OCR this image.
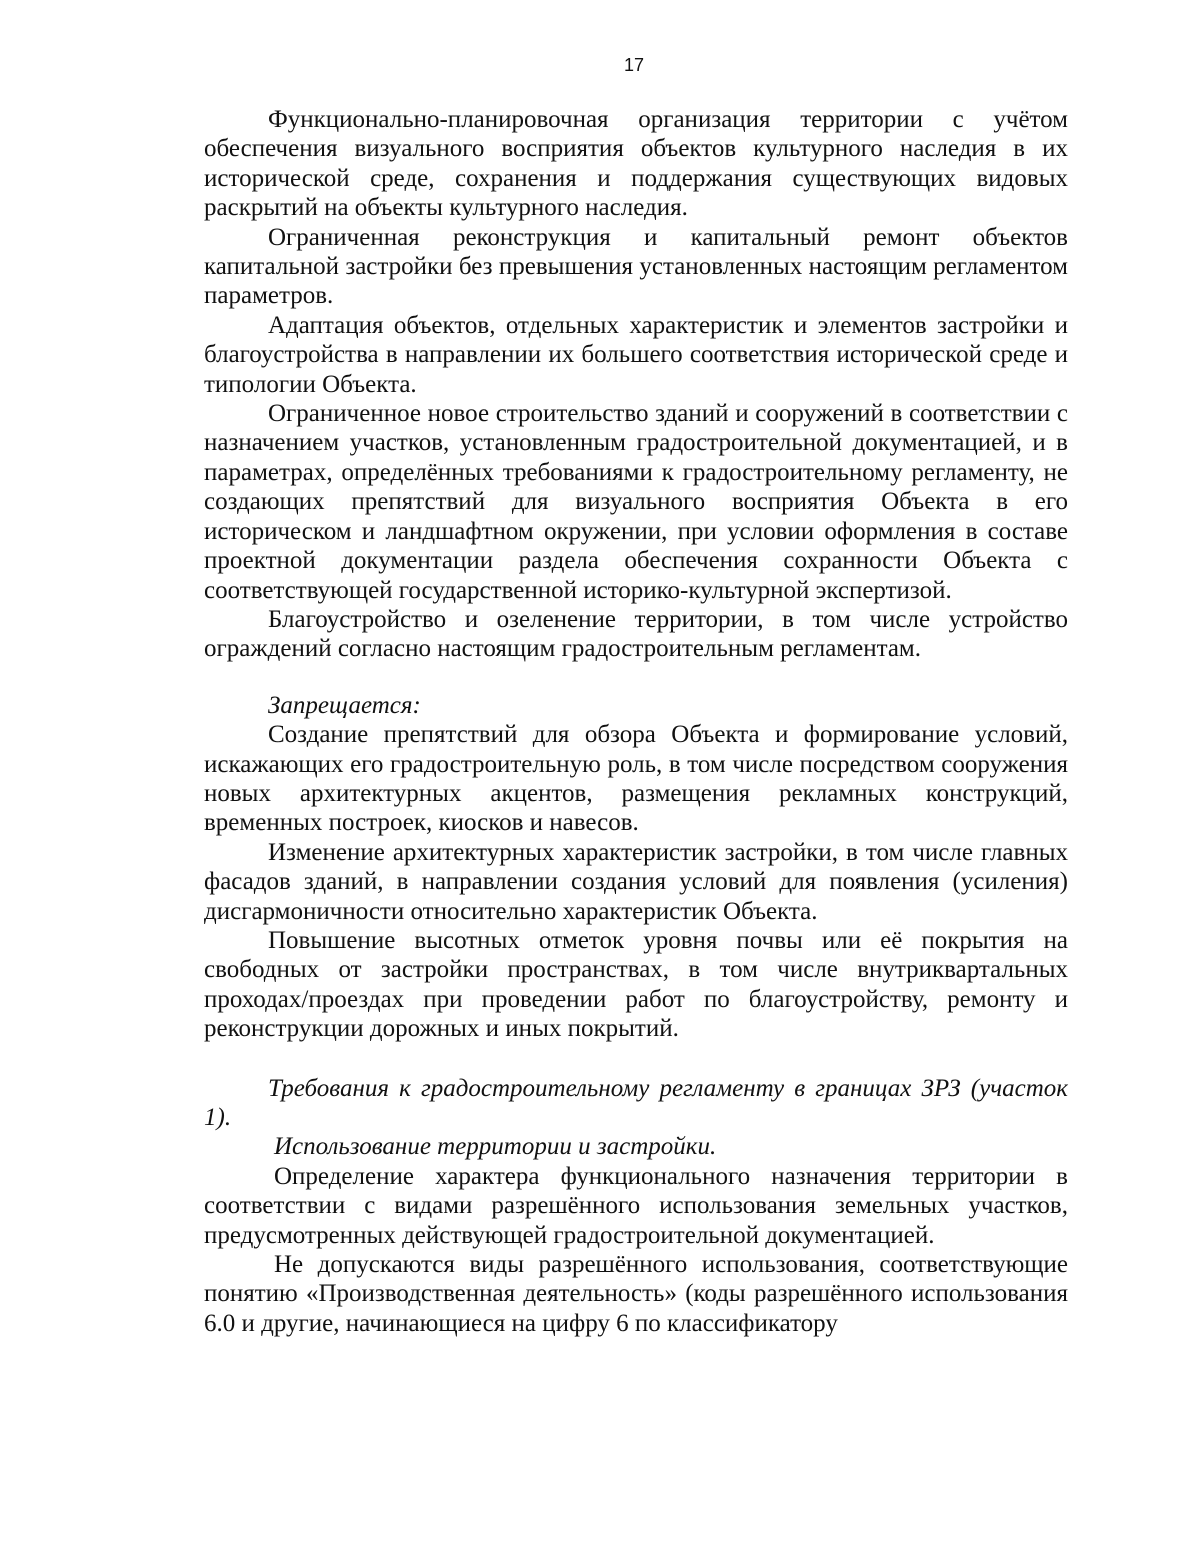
17

Функционально-планировочная организация территории с учётом обеспечения визуального восприятия объектов культурного наследия в их исторической среде, сохранения и поддержания существующих видовых раскрытий на объекты культурного наследия.

Ограниченная реконструкция и капитальный ремонт объектов капитальной застройки без превышения установленных настоящим регламентом параметров.

Адаптация объектов, отдельных характеристик и элементов застройки и благоустройства в направлении их большего соответствия исторической среде и типологии Объекта.

Ограниченное новое строительство зданий и сооружений в соответствии с назначением участков, установленным градостроительной документацией, и в параметрах, определённых требованиями к градостроительному регламенту, не создающих препятствий для визуального восприятия Объекта в его историческом и ландшафтном окружении, при условии оформления в составе проектной документации раздела обеспечения сохранности Объекта с соответствующей государственной историко-культурной экспертизой.

Благоустройство и озеленение территории, в том числе устройство ограждений согласно настоящим градостроительным регламентам.

Запрещается:

Создание препятствий для обзора Объекта и формирование условий, искажающих его градостроительную роль, в том числе посредством сооружения новых архитектурных акцентов, размещения рекламных конструкций, временных построек, киосков и навесов.

Изменение архитектурных характеристик застройки, в том числе главных фасадов зданий, в направлении создания условий для появления (усиления) дисгармоничности относительно характеристик Объекта.

Повышение высотных отметок уровня почвы или её покрытия на свободных от застройки пространствах, в том числе внутриквартальных проходах/проездах при проведении работ по благоустройству, ремонту и реконструкции дорожных и иных покрытий.

Требования к градостроительному регламенту в границах ЗРЗ (участок 1).

Использование территории и застройки.

Определение характера функционального назначения территории в соответствии с видами разрешённого использования земельных участков, предусмотренных действующей градостроительной документацией.

Не допускаются виды разрешённого использования, соответствующие понятию «Производственная деятельность» (коды разрешённого использования 6.0 и другие, начинающиеся на цифру 6 по классификатору
